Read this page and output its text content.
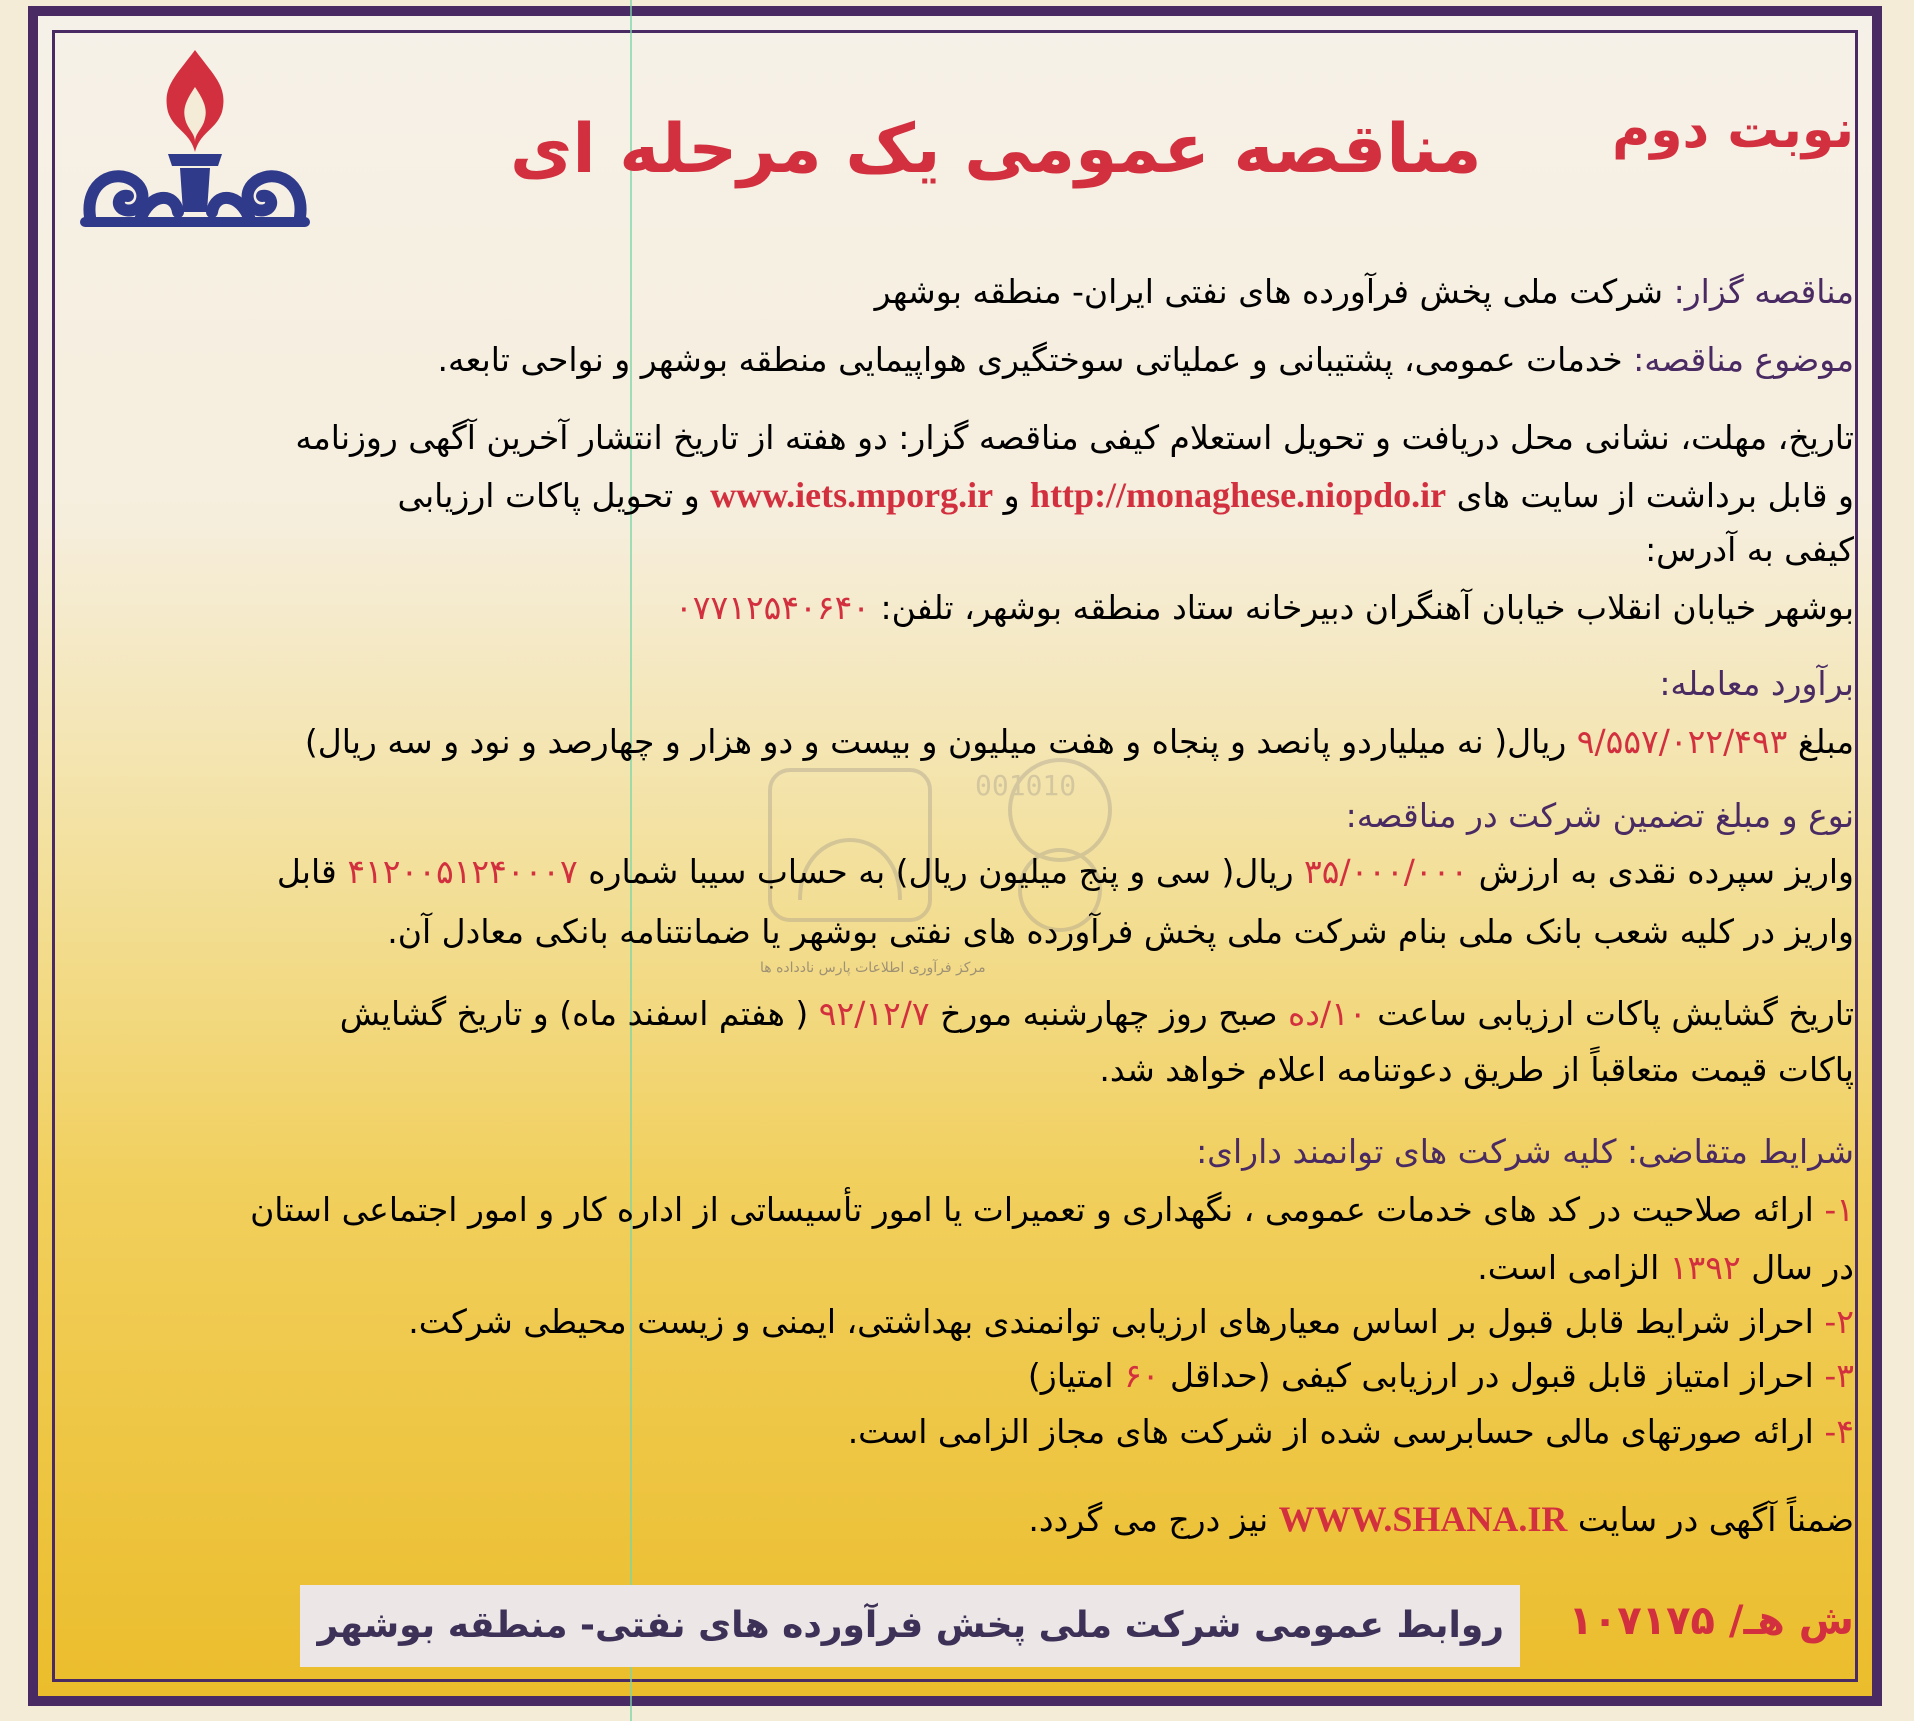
001010
مرکز فرآوری اطلاعات پارس نادداده ها
نوبت دوم
مناقصه عمومی یک مرحله ای
مناقصه گزار: شرکت ملی پخش فرآورده های نفتی ایران- منطقه بوشهر
موضوع مناقصه: خدمات عمومی، پشتیبانی و عملیاتی سوختگیری هواپیمایی منطقه بوشهر و نواحی تابعه.
تاریخ، مهلت، نشانی محل دریافت و تحویل استعلام کیفی مناقصه گزار: دو هفته از تاریخ انتشار آخرین آگهی روزنامه
و قابل برداشت از سایت های http://monaghese.niopdo.ir و www.iets.mporg.ir و تحویل پاکات ارزیابی
کیفی به آدرس:
بوشهر خیابان انقلاب خیابان آهنگران دبیرخانه ستاد منطقه بوشهر، تلفن: ۰۷۷۱۲۵۴۰۶۴۰
برآورد معامله:
مبلغ ۹/۵۵۷/۰۲۲/۴۹۳ ریال( نه میلیاردو پانصد و پنجاه و هفت میلیون و بیست و دو هزار و چهارصد و نود و سه ریال)
نوع و مبلغ تضمین شرکت در مناقصه:
واریز سپرده نقدی به ارزش ۳۵/۰۰۰/۰۰۰ ریال( سی و پنج میلیون ریال) به حساب سیبا شماره ۴۱۲۰۰۵۱۲۴۰۰۰۷ قابل
واریز در کلیه شعب بانک ملی بنام شرکت ملی پخش فرآورده های نفتی بوشهر یا ضمانتنامه بانکی معادل آن.
تاریخ گشایش پاکات ارزیابی ساعت ۱۰/ده صبح روز چهارشنبه مورخ ۹۲/۱۲/۷ ( هفتم اسفند ماه) و تاریخ گشایش
پاکات قیمت متعاقباً از طریق دعوتنامه اعلام خواهد شد.
شرایط متقاضی: کلیه شرکت های توانمند دارای:
۱- ارائه صلاحیت در کد های خدمات عمومی ، نگهداری و تعمیرات یا امور تأسیساتی از اداره کار و امور اجتماعی استان
در سال ۱۳۹۲ الزامی است.
۲- احراز شرایط قابل قبول بر اساس معیارهای ارزیابی توانمندی بهداشتی، ایمنی و زیست محیطی شرکت.
۳- احراز امتیاز قابل قبول در ارزیابی کیفی (حداقل ۶۰ امتیاز)
۴- ارائه صورتهای مالی حسابرسی شده از شرکت های مجاز الزامی است.
ضمناً آگهی در سایت WWW.SHANA.IR نیز درج می گردد.
روابط عمومی شرکت ملی پخش فرآورده های نفتی- منطقه بوشهر ش هـ/ ۱۰۷۱۷۵
